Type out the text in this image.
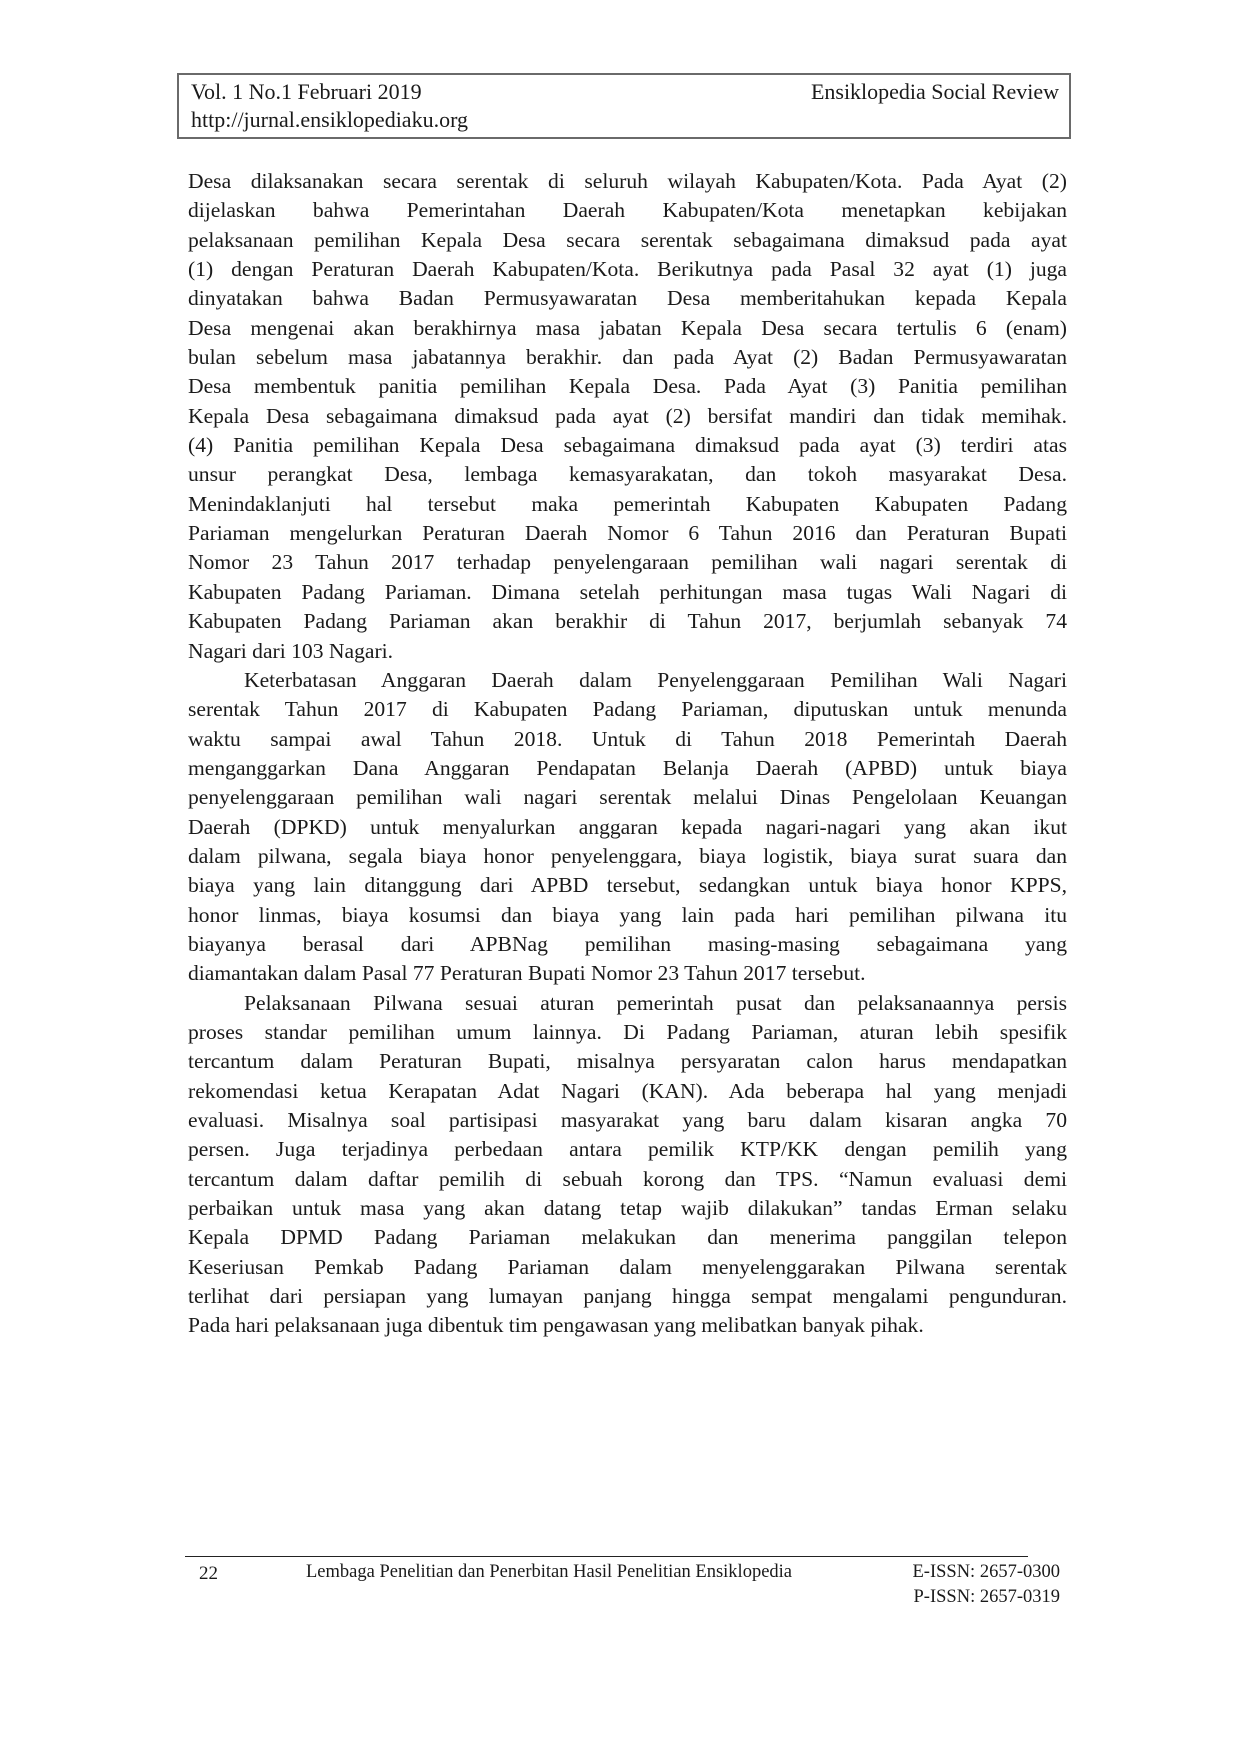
Vol. 1 No.1 Februari 2019
http://jurnal.ensiklopediaku.org
Ensiklopedia Social Review

Desa dilaksanakan secara serentak di seluruh wilayah Kabupaten/Kota. Pada Ayat (2)
dijelaskan bahwa Pemerintahan Daerah Kabupaten/Kota menetapkan kebijakan
pelaksanaan pemilihan Kepala Desa secara serentak sebagaimana dimaksud pada ayat
(1) dengan Peraturan Daerah Kabupaten/Kota. Berikutnya pada Pasal 32 ayat (1) juga
dinyatakan bahwa Badan Permusyawaratan Desa memberitahukan kepada Kepala
Desa mengenai akan berakhirnya masa jabatan Kepala Desa secara tertulis 6 (enam)
bulan sebelum masa jabatannya berakhir. dan pada Ayat (2) Badan Permusyawaratan
Desa membentuk panitia pemilihan Kepala Desa. Pada Ayat (3) Panitia pemilihan
Kepala Desa sebagaimana dimaksud pada ayat (2) bersifat mandiri dan tidak memihak.
(4) Panitia pemilihan Kepala Desa sebagaimana dimaksud pada ayat (3) terdiri atas
unsur perangkat Desa, lembaga kemasyarakatan, dan tokoh masyarakat Desa.
Menindaklanjuti hal tersebut maka pemerintah Kabupaten Kabupaten Padang
Pariaman mengelurkan Peraturan Daerah Nomor 6 Tahun 2016 dan Peraturan Bupati
Nomor 23 Tahun 2017 terhadap penyelengaraan pemilihan wali nagari serentak di
Kabupaten Padang Pariaman. Dimana setelah perhitungan masa tugas Wali Nagari di
Kabupaten Padang Pariaman akan berakhir di Tahun 2017, berjumlah sebanyak 74
Nagari dari 103 Nagari.

Keterbatasan Anggaran Daerah dalam Penyelenggaraan Pemilihan Wali Nagari
serentak Tahun 2017 di Kabupaten Padang Pariaman, diputuskan untuk menunda
waktu sampai awal Tahun 2018. Untuk di Tahun 2018 Pemerintah Daerah
menganggarkan Dana Anggaran Pendapatan Belanja Daerah (APBD) untuk biaya
penyelenggaraan pemilihan wali nagari serentak melalui Dinas Pengelolaan Keuangan
Daerah (DPKD) untuk menyalurkan anggaran kepada nagari-nagari yang akan ikut
dalam pilwana, segala biaya honor penyelenggara, biaya logistik, biaya surat suara dan
biaya yang lain ditanggung dari APBD tersebut, sedangkan untuk biaya honor KPPS,
honor linmas, biaya kosumsi dan biaya yang lain pada hari pemilihan pilwana itu
biayanya berasal dari APBNag pemilihan masing-masing sebagaimana yang
diamantakan dalam Pasal 77 Peraturan Bupati Nomor 23 Tahun 2017 tersebut.

Pelaksanaan Pilwana sesuai aturan pemerintah pusat dan pelaksanaannya persis
proses standar pemilihan umum lainnya. Di Padang Pariaman, aturan lebih spesifik
tercantum dalam Peraturan Bupati, misalnya persyaratan calon harus mendapatkan
rekomendasi ketua Kerapatan Adat Nagari (KAN). Ada beberapa hal yang menjadi
evaluasi. Misalnya soal partisipasi masyarakat yang baru dalam kisaran angka 70
persen. Juga terjadinya perbedaan antara pemilik KTP/KK dengan pemilih yang
tercantum dalam daftar pemilih di sebuah korong dan TPS. “Namun evaluasi demi
perbaikan untuk masa yang akan datang tetap wajib dilakukan” tandas Erman selaku
Kepala DPMD Padang Pariaman melakukan dan menerima panggilan telepon
Keseriusan Pemkab Padang Pariaman dalam menyelenggarakan Pilwana serentak
terlihat dari persiapan yang lumayan panjang hingga sempat mengalami pengunduran.
Pada hari pelaksanaan juga dibentuk tim pengawasan yang melibatkan banyak pihak.

22	Lembaga Penelitian dan Penerbitan Hasil Penelitian Ensiklopedia	E-ISSN: 2657-0300
P-ISSN: 2657-0319
